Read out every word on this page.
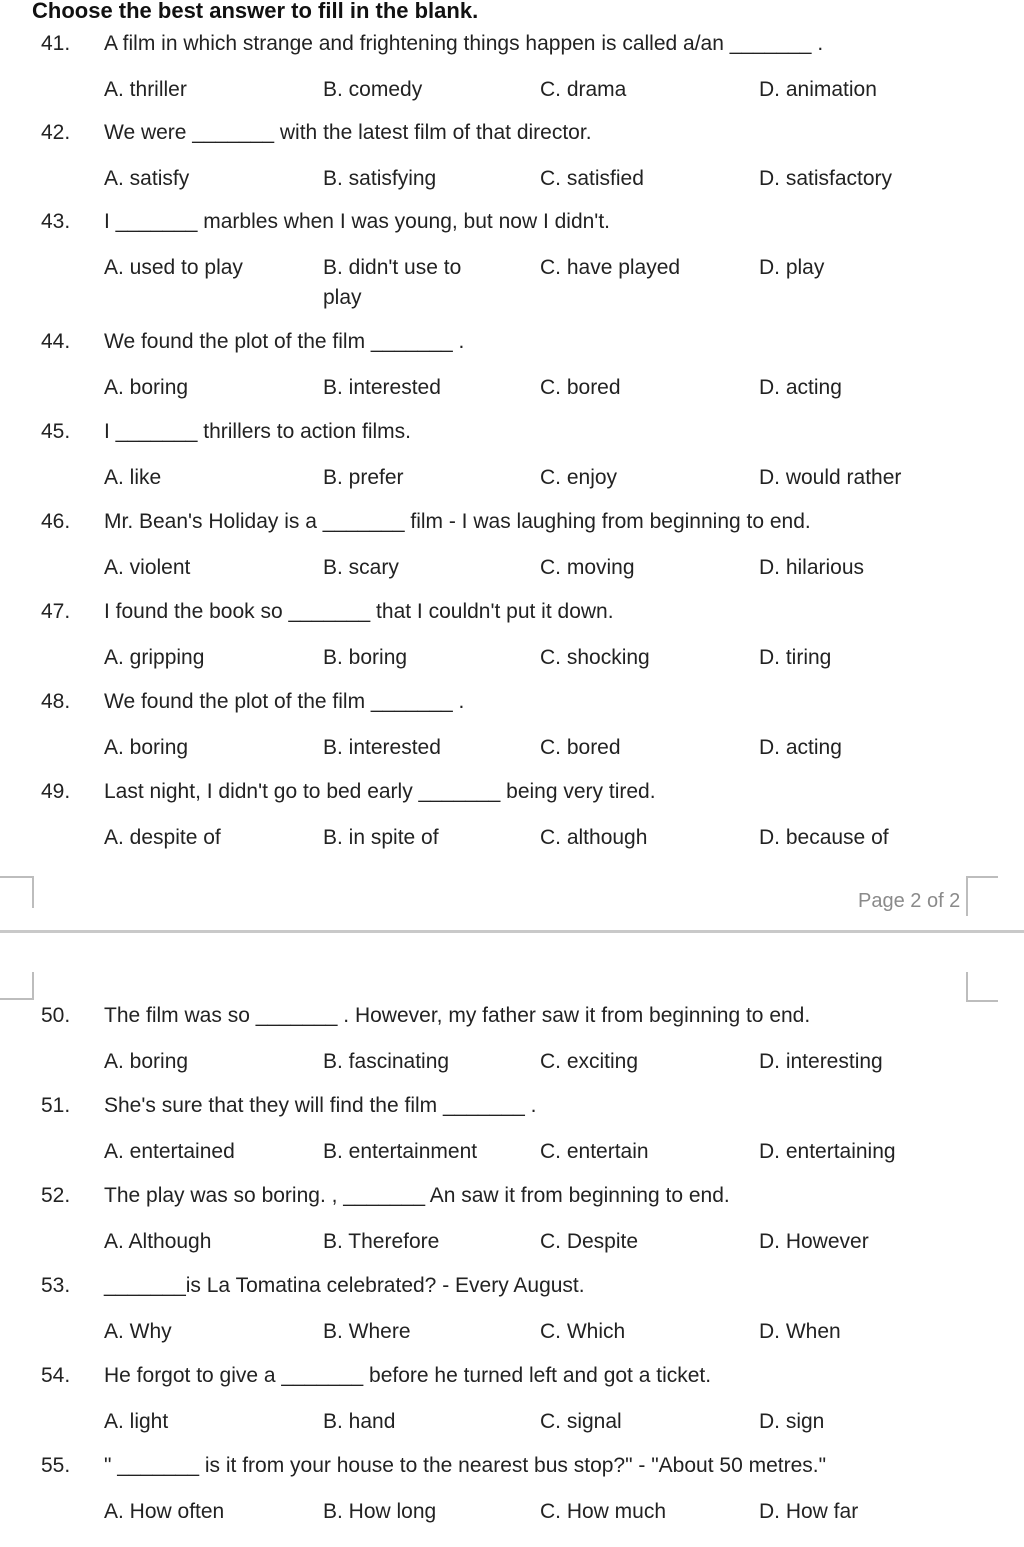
Choose the best answer to fill in the blank.
41. A film in which strange and frightening things happen is called a/an _______ .
A. thriller	B. comedy	C. drama	D. animation
42. We were _______ with the latest film of that director.
A. satisfy	B. satisfying	C. satisfied	D. satisfactory
43. I _______ marbles when I was young, but now I didn't.
A. used to play	B. didn't use to play
C. have played	D. play
44. We found the plot of the film _______ .
A. boring	B. interested	C. bored	D. acting
45. I _______ thrillers to action films.
A. like	B. prefer	C. enjoy	D. would rather
46. Mr. Bean's Holiday is a _______ film - I was laughing from beginning to end.
A. violent	B. scary	C. moving	D. hilarious
47. I found the book so _______ that I couldn't put it down.
A. gripping	B. boring	C. shocking	D. tiring
48. We found the plot of the film _______ .
A. boring	B. interested	C. bored	D. acting
49. Last night, I didn't go to bed early _______ being very tired.
A. despite of	B. in spite of	C. although	D. because of
Page 2 of 2
50. The film was so _______ . However, my father saw it from beginning to end.
A. boring	B. fascinating	C. exciting	D. interesting
51. She's sure that they will find the film _______ .
A. entertained	B. entertainment	C. entertain	D. entertaining
52. The play was so boring. , _______ An saw it from beginning to end.
A. Although	B. Therefore	C. Despite	D. However
53. _______is La Tomatina celebrated? - Every August.
A. Why	B. Where	C. Which	D. When
54. He forgot to give a _______ before he turned left and got a ticket.
A. light	B. hand	C. signal	D. sign
55. " _______ is it from your house to the nearest bus stop?" - "About 50 metres."
A. How often	B. How long	C. How much	D. How far
